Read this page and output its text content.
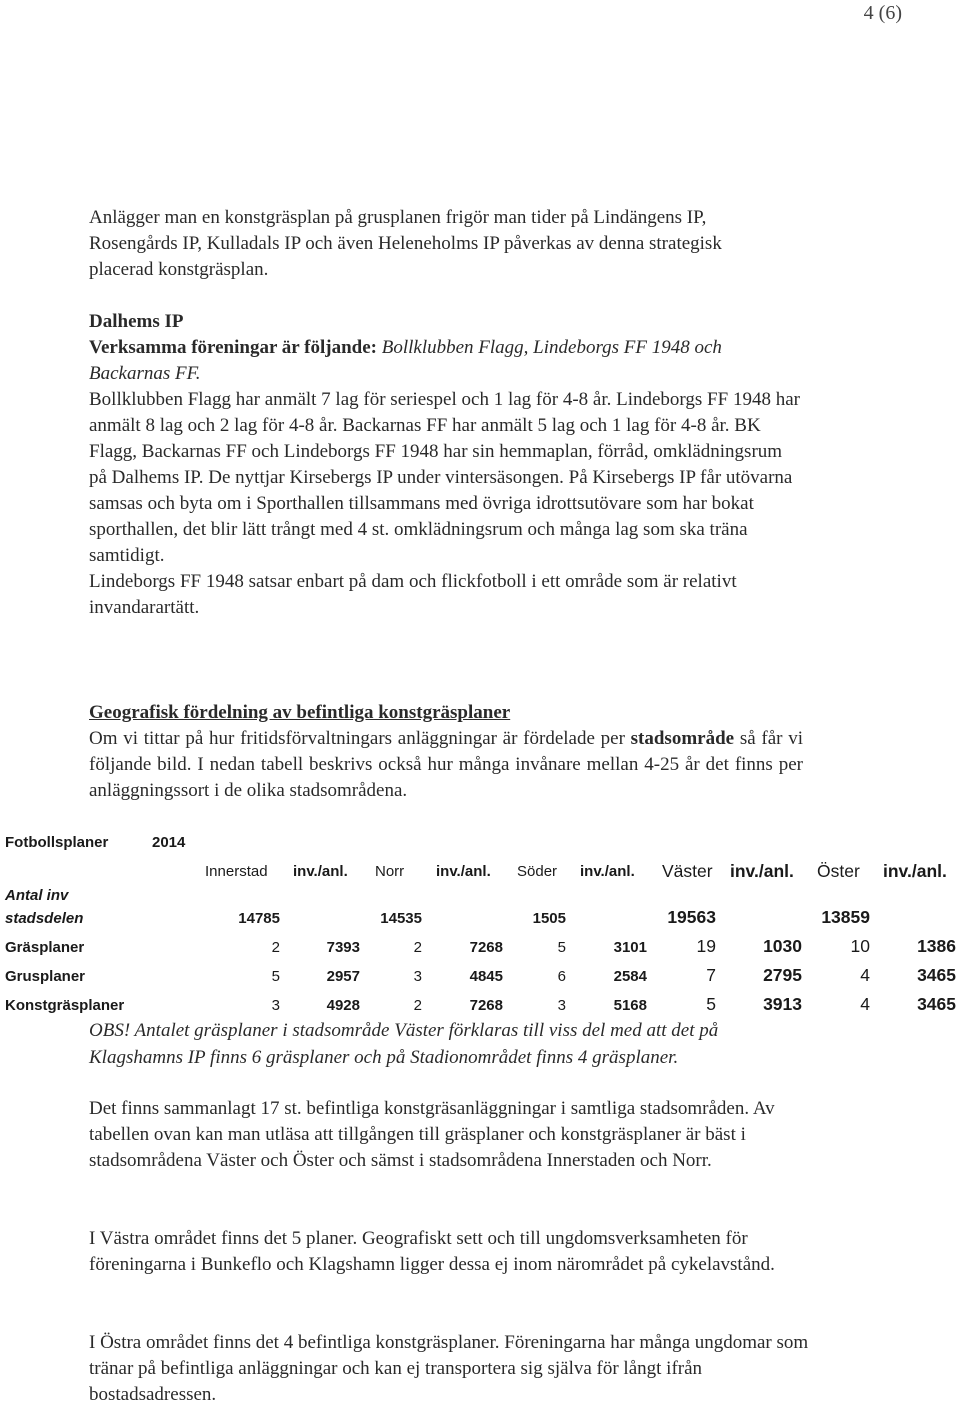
4 (6)

Anlägger man en konstgräsplan på grusplanen frigör man tider på Lindängens IP, Rosengårds IP, Kulladals IP och även Heleneholms IP påverkas av denna strategisk placerad konstgräsplan.

Dalhems IP

Verksamma föreningar är följande: Bollklubben Flagg, Lindeborgs FF 1948 och Backarnas FF.

Bollklubben Flagg har anmält 7 lag för seriespel och 1 lag för 4-8 år. Lindeborgs FF 1948 har anmält 8 lag och 2 lag för 4-8 år. Backarnas FF har anmält 5 lag och 1 lag för 4-8 år. BK Flagg, Backarnas FF och Lindeborgs FF 1948 har sin hemmaplan, förråd, omklädningsrum på Dalhems IP. De nyttjar Kirsebergs IP under vintersäsongen. På Kirsebergs IP får utövarna samsas och byta om i Sporthallen tillsammans med övriga idrottsutövare som har bokat sporthallen, det blir lätt trångt med 4 st. omklädningsrum och många lag som ska träna samtidigt.

Lindeborgs FF 1948 satsar enbart på dam och flickfotboll i ett område som är relativt invandarartätt.

Geografisk fördelning av befintliga konstgräsplaner

Om vi tittar på hur fritidsförvaltningars anläggningar är fördelade per stadsområde så får vi följande bild. I nedan tabell beskrivs också hur många invånare mellan 4-25 år det finns per anläggningssort i de olika stadsområdena.

Fotbollsplaner	2014
Innerstad inv./anl. Norr inv./anl. Söder inv./anl. Väster inv./anl. Öster inv./anl.
Antal inv
stadsdelen	14785	14535	1505	19563	13859
Gräsplaner	2	7393	2	7268	5	3101	19	1030	10	1386
Grusplaner	5	2957	3	4845	6	2584	7	2795	4	3465
Konstgräsplaner	3	4928	2	7268	3	5168	5	3913	4	3465
OBS! Antalet gräsplaner i stadsområde Väster förklaras till viss del med att det på Klagshamns IP finns 6 gräsplaner och på Stadionområdet finns 4 gräsplaner.

Det finns sammanlagt 17 st. befintliga konstgräsanläggningar i samtliga stadsområden. Av tabellen ovan kan man utläsa att tillgången till gräsplaner och konstgräsplaner är bäst i stadsområdena Väster och Öster och sämst i stadsområdena Innerstaden och Norr.

I Västra området finns det 5 planer. Geografiskt sett och till ungdomsverksamheten för föreningarna i Bunkeflo och Klagshamn ligger dessa ej inom närområdet på cykelavstånd.

I Östra området finns det 4 befintliga konstgräsplaner. Föreningarna har många ungdomar som tränar på befintliga anläggningar och kan ej transportera sig själva för långt ifrån bostadsadressen.
